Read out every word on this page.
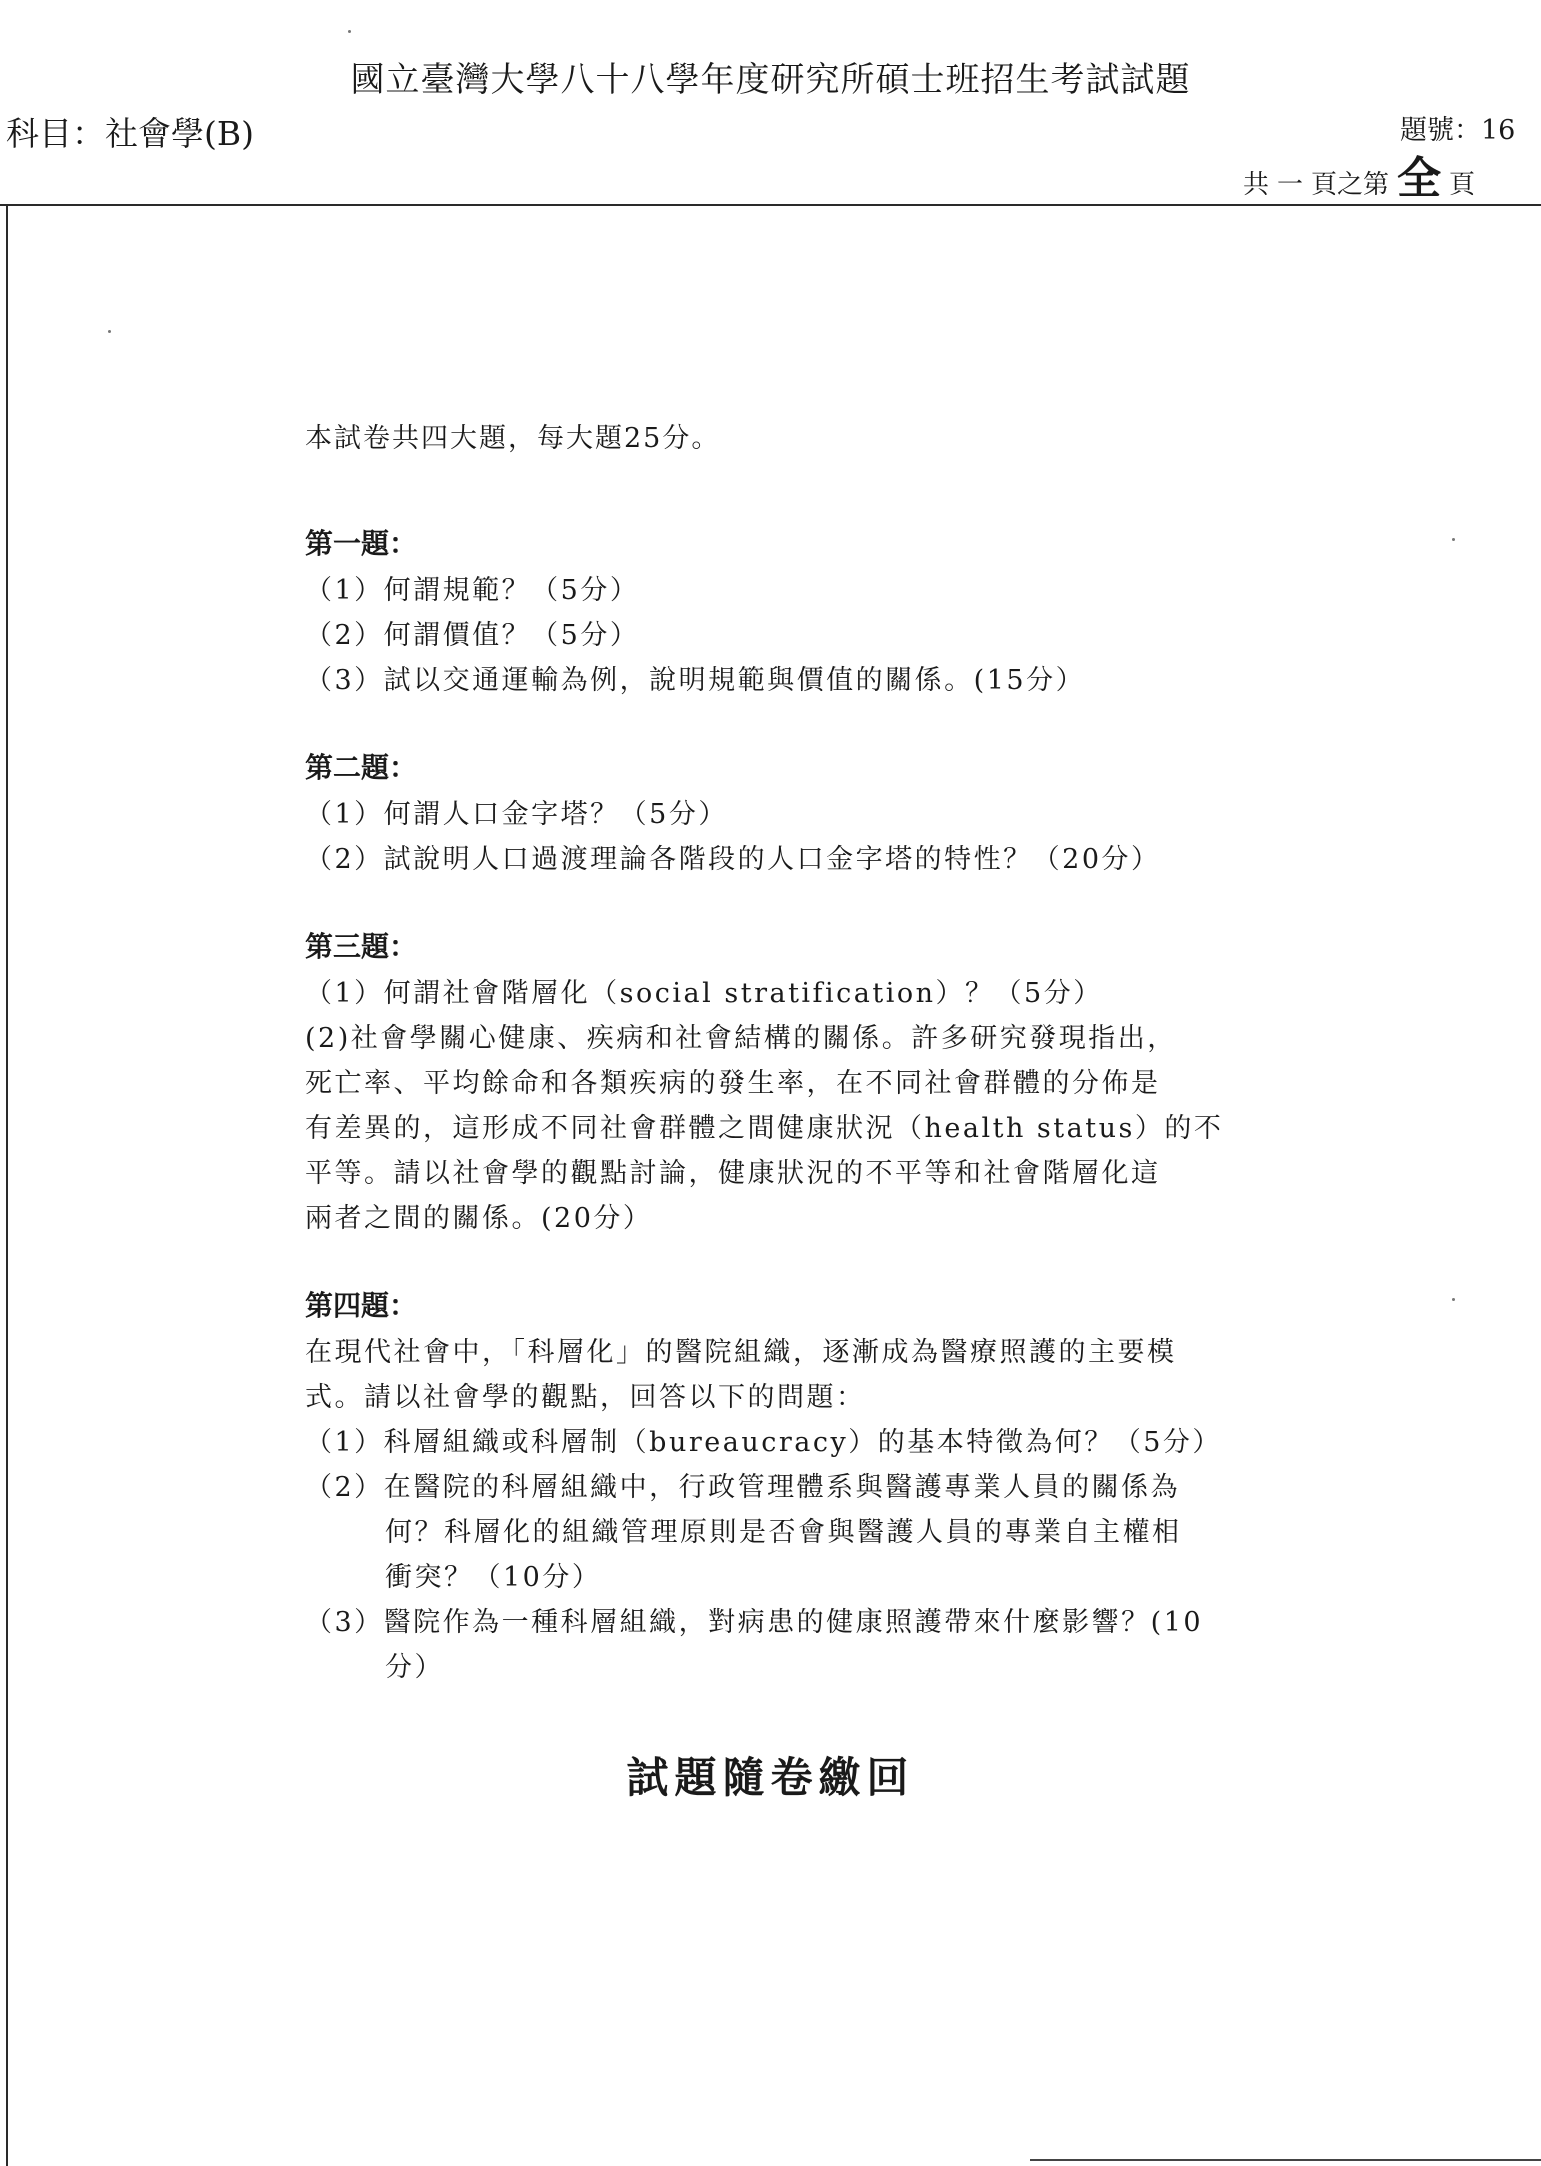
國立臺灣大學八十八學年度研究所碩士班招生考試試題
科目：社會學(B)	題號：16
共 一 頁之第 全 頁
本試卷共四大題，每大題25分。
第一題：
（1）何謂規範？（5分）
（2）何謂價值？（5分）
（3）試以交通運輸為例，說明規範與價值的關係。(15分）
第二題：
（1）何謂人口金字塔？（5分）
（2）試說明人口過渡理論各階段的人口金字塔的特性？（20分）
第三題：
（1）何謂社會階層化（social stratification）？（5分）
(2)社會學關心健康、疾病和社會結構的關係。許多研究發現指出，
死亡率、平均餘命和各類疾病的發生率，在不同社會群體的分佈是
有差異的，這形成不同社會群體之間健康狀況（health status）的不
平等。請以社會學的觀點討論，健康狀況的不平等和社會階層化這
兩者之間的關係。(20分）
第四題：
在現代社會中，「科層化」的醫院組織，逐漸成為醫療照護的主要模
式。請以社會學的觀點，回答以下的問題：
（1）科層組織或科層制（bureaucracy）的基本特徵為何？（5分）
（2）在醫院的科層組織中，行政管理體系與醫護專業人員的關係為
何？科層化的組織管理原則是否會與醫護人員的專業自主權相
衝突？（10分）
（3）醫院作為一種科層組織，對病患的健康照護帶來什麼影響？(10
分）
試題隨卷繳回
